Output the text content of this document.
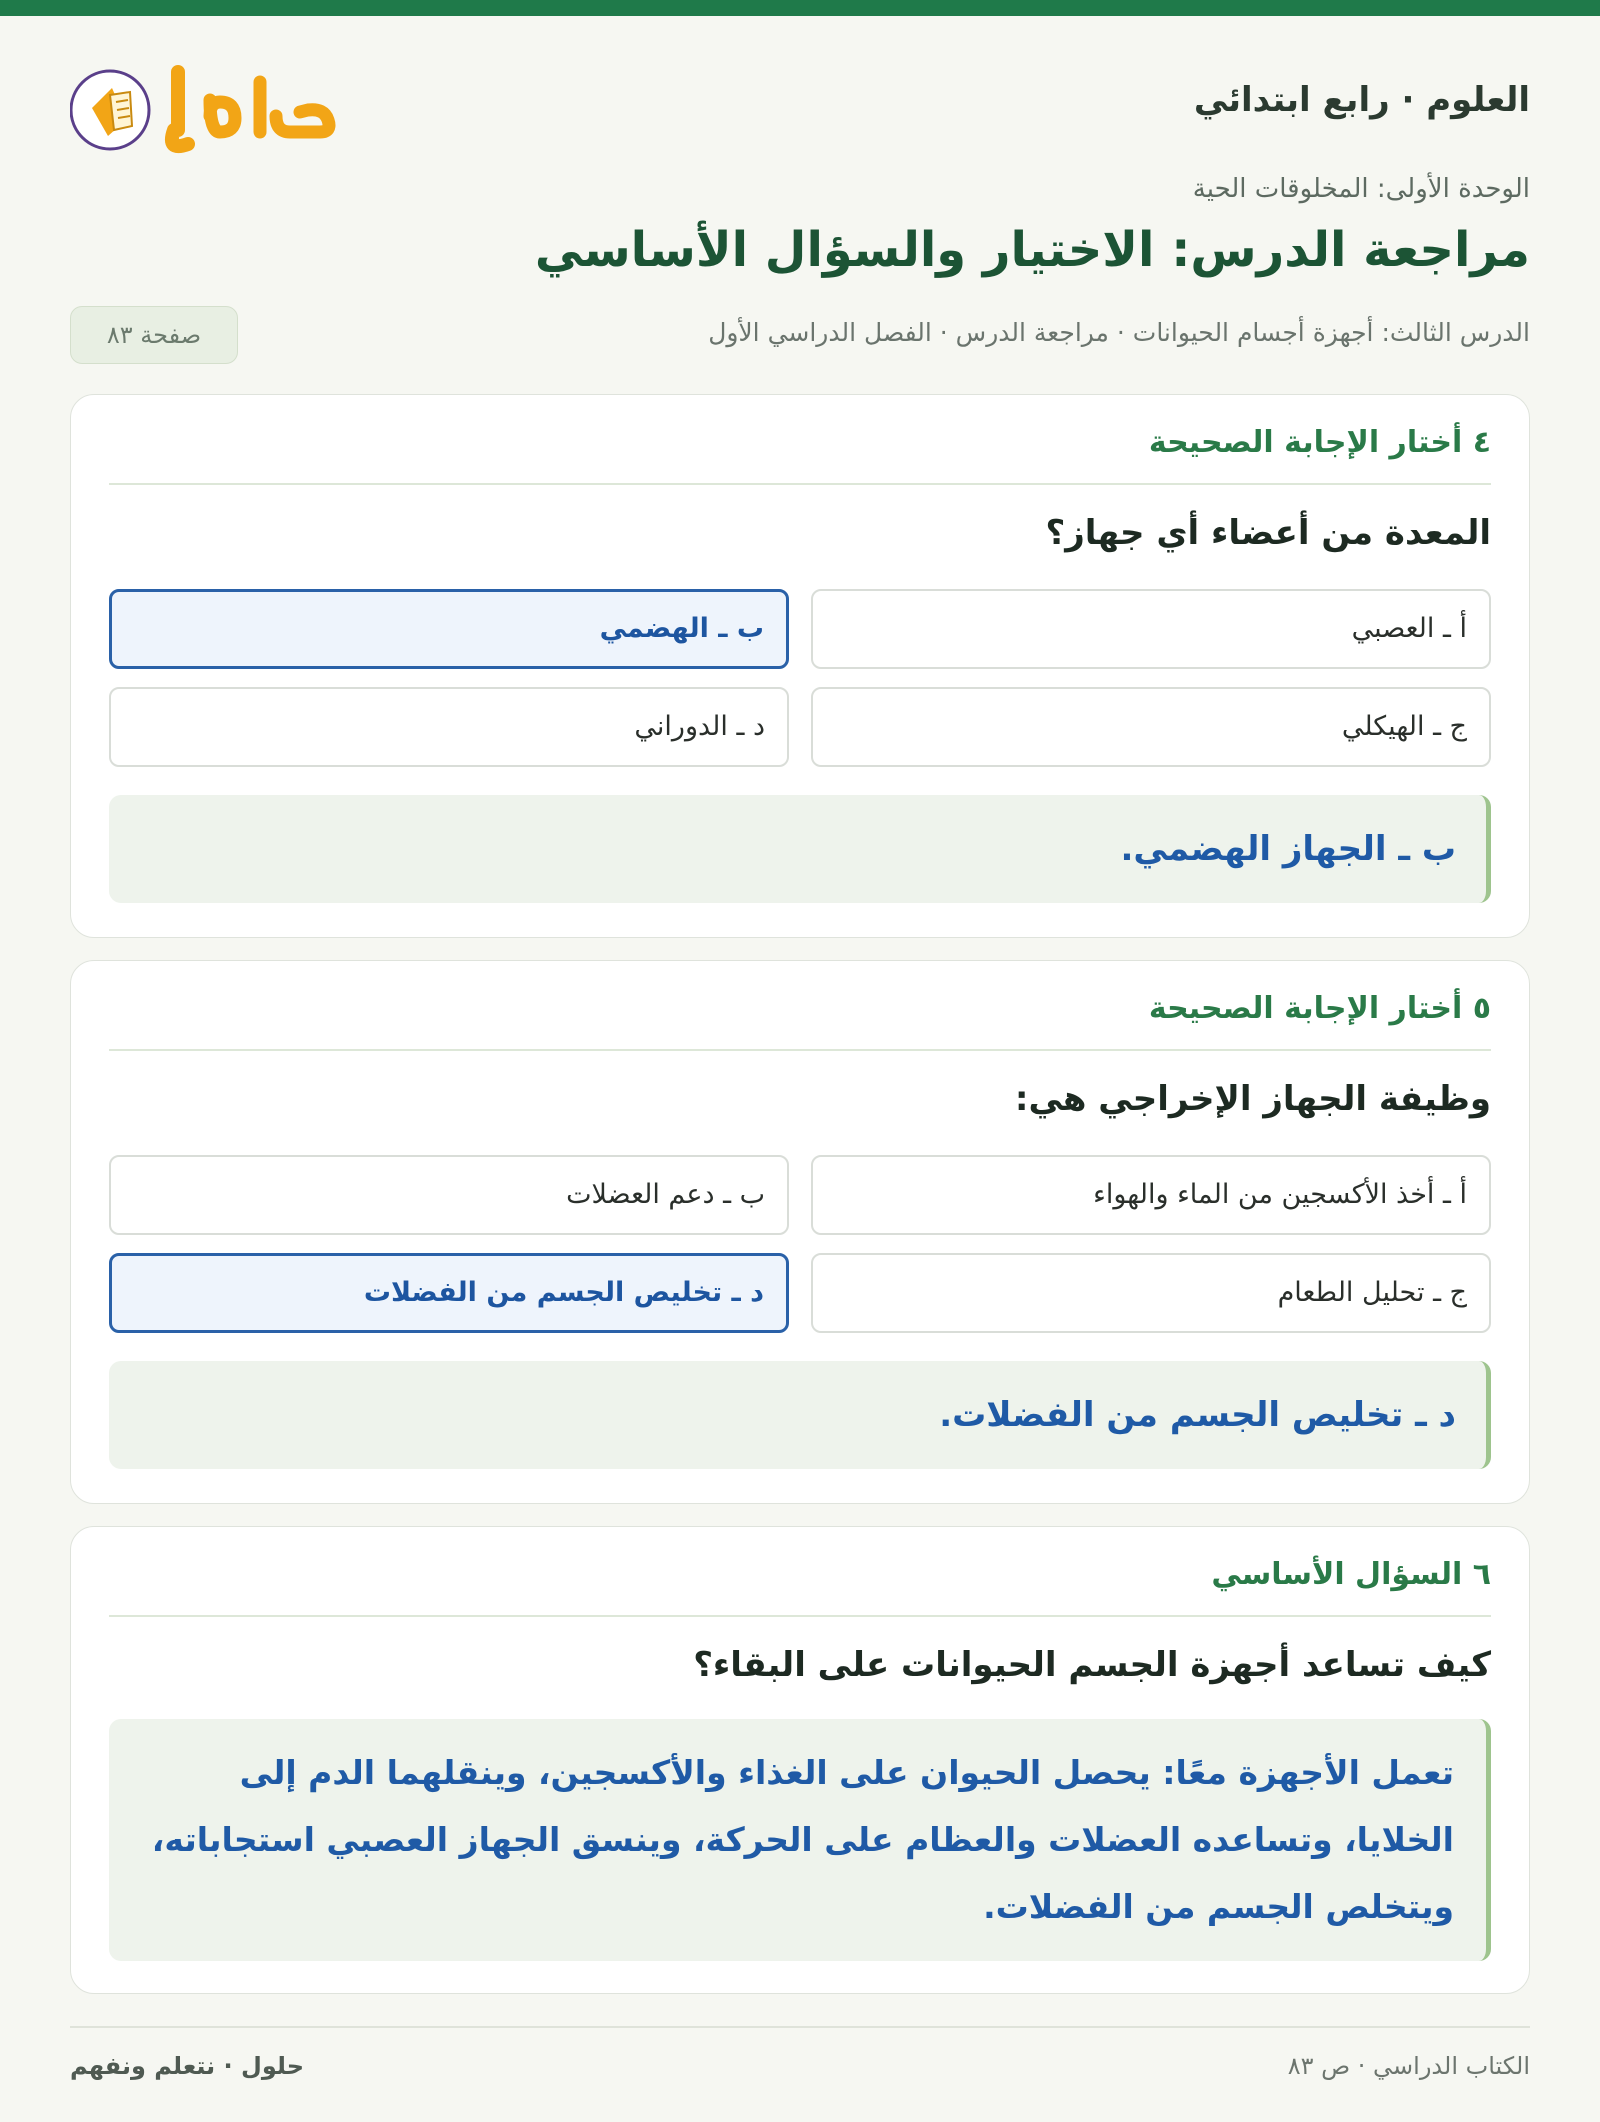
العلوم · رابع ابتدائي
الوحدة الأولى: المخلوقات الحية
مراجعة الدرس: الاختيار والسؤال الأساسي
الدرس الثالث: أجهزة أجسام الحيوانات · مراجعة الدرس · الفصل الدراسي الأول
صفحة ٨٣
٤ أختار الإجابة الصحيحة
المعدة من أعضاء أي جهاز؟
أ ـ العصبي
ب ـ الهضمي
ج ـ الهيكلي
د ـ الدوراني
ب ـ الجهاز الهضمي.
٥ أختار الإجابة الصحيحة
وظيفة الجهاز الإخراجي هي:
أ ـ أخذ الأكسجين من الماء والهواء
ب ـ دعم العضلات
ج ـ تحليل الطعام
د ـ تخليص الجسم من الفضلات
د ـ تخليص الجسم من الفضلات.
٦ السؤال الأساسي
كيف تساعد أجهزة الجسم الحيوانات على البقاء؟
تعمل الأجهزة معًا: يحصل الحيوان على الغذاء والأكسجين، وينقلهما الدم إلى الخلايا، وتساعده العضلات والعظام على الحركة، وينسق الجهاز العصبي استجاباته، ويتخلص الجسم من الفضلات.
الكتاب الدراسي · ص ٨٣
حلول · نتعلم ونفهم
